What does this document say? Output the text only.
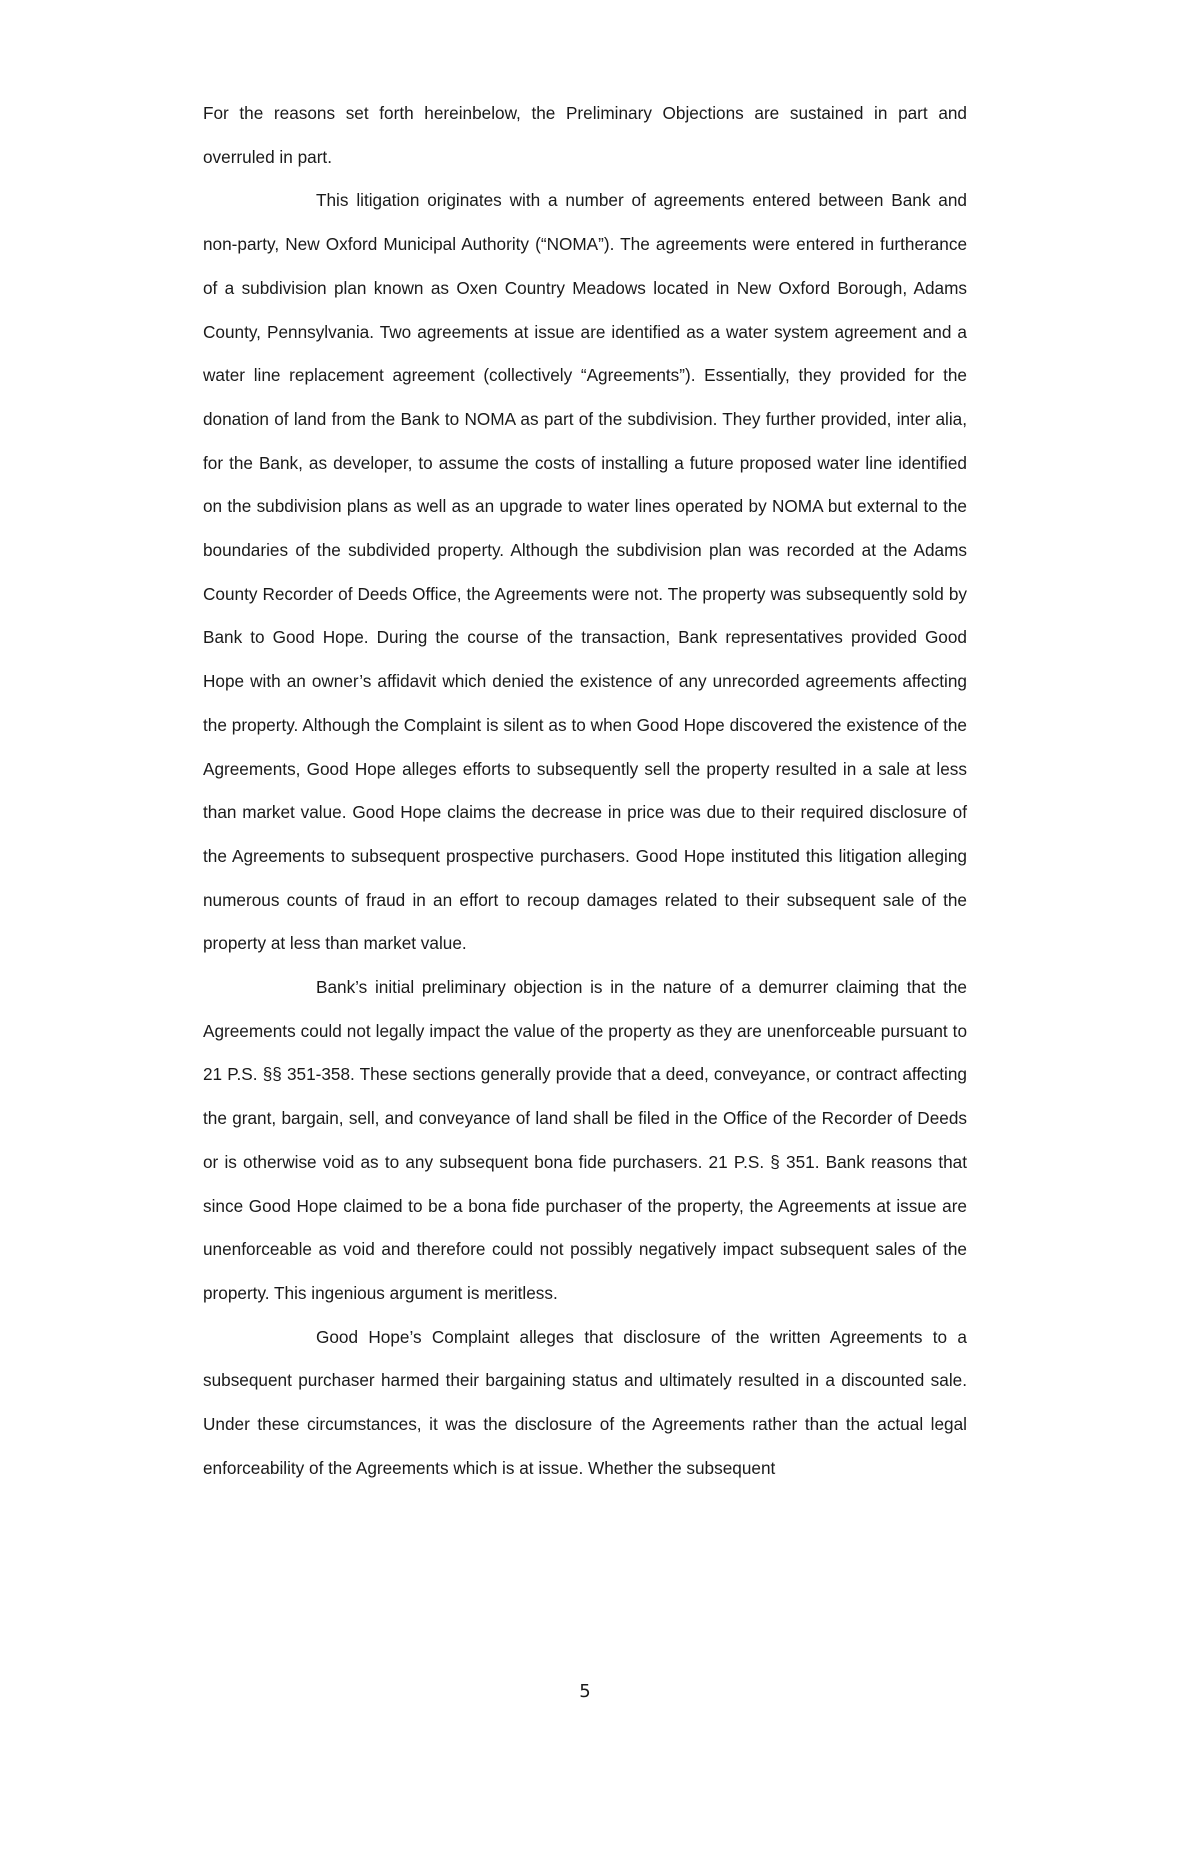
For the reasons set forth hereinbelow, the Preliminary Objections are sustained in part and overruled in part.

This litigation originates with a number of agreements entered between Bank and non-party, New Oxford Municipal Authority (“NOMA”). The agreements were entered in furtherance of a subdivision plan known as Oxen Country Meadows located in New Oxford Borough, Adams County, Pennsylvania. Two agreements at issue are identified as a water system agreement and a water line replacement agreement (collectively “Agreements”). Essentially, they provided for the donation of land from the Bank to NOMA as part of the subdivision. They further provided, inter alia, for the Bank, as developer, to assume the costs of installing a future proposed water line identified on the subdivision plans as well as an upgrade to water lines operated by NOMA but external to the boundaries of the subdivided property. Although the subdivision plan was recorded at the Adams County Recorder of Deeds Office, the Agreements were not. The property was subsequently sold by Bank to Good Hope. During the course of the transaction, Bank representatives provided Good Hope with an owner’s affidavit which denied the existence of any unrecorded agreements affecting the property. Although the Complaint is silent as to when Good Hope discovered the existence of the Agreements, Good Hope alleges efforts to subsequently sell the property resulted in a sale at less than market value. Good Hope claims the decrease in price was due to their required disclosure of the Agreements to subsequent prospective purchasers. Good Hope instituted this litigation alleging numerous counts of fraud in an effort to recoup damages related to their subsequent sale of the property at less than market value.

Bank’s initial preliminary objection is in the nature of a demurrer claiming that the Agreements could not legally impact the value of the property as they are unenforceable pursuant to 21 P.S. §§ 351-358. These sections generally provide that a deed, conveyance, or contract affecting the grant, bargain, sell, and conveyance of land shall be filed in the Office of the Recorder of Deeds or is otherwise void as to any subsequent bona fide purchasers. 21 P.S. § 351. Bank reasons that since Good Hope claimed to be a bona fide purchaser of the property, the Agreements at issue are unenforceable as void and therefore could not possibly negatively impact subsequent sales of the property. This ingenious argument is meritless.

Good Hope’s Complaint alleges that disclosure of the written Agreements to a subsequent purchaser harmed their bargaining status and ultimately resulted in a discounted sale. Under these circumstances, it was the disclosure of the Agreements rather than the actual legal enforceability of the Agreements which is at issue. Whether the subsequent

5
